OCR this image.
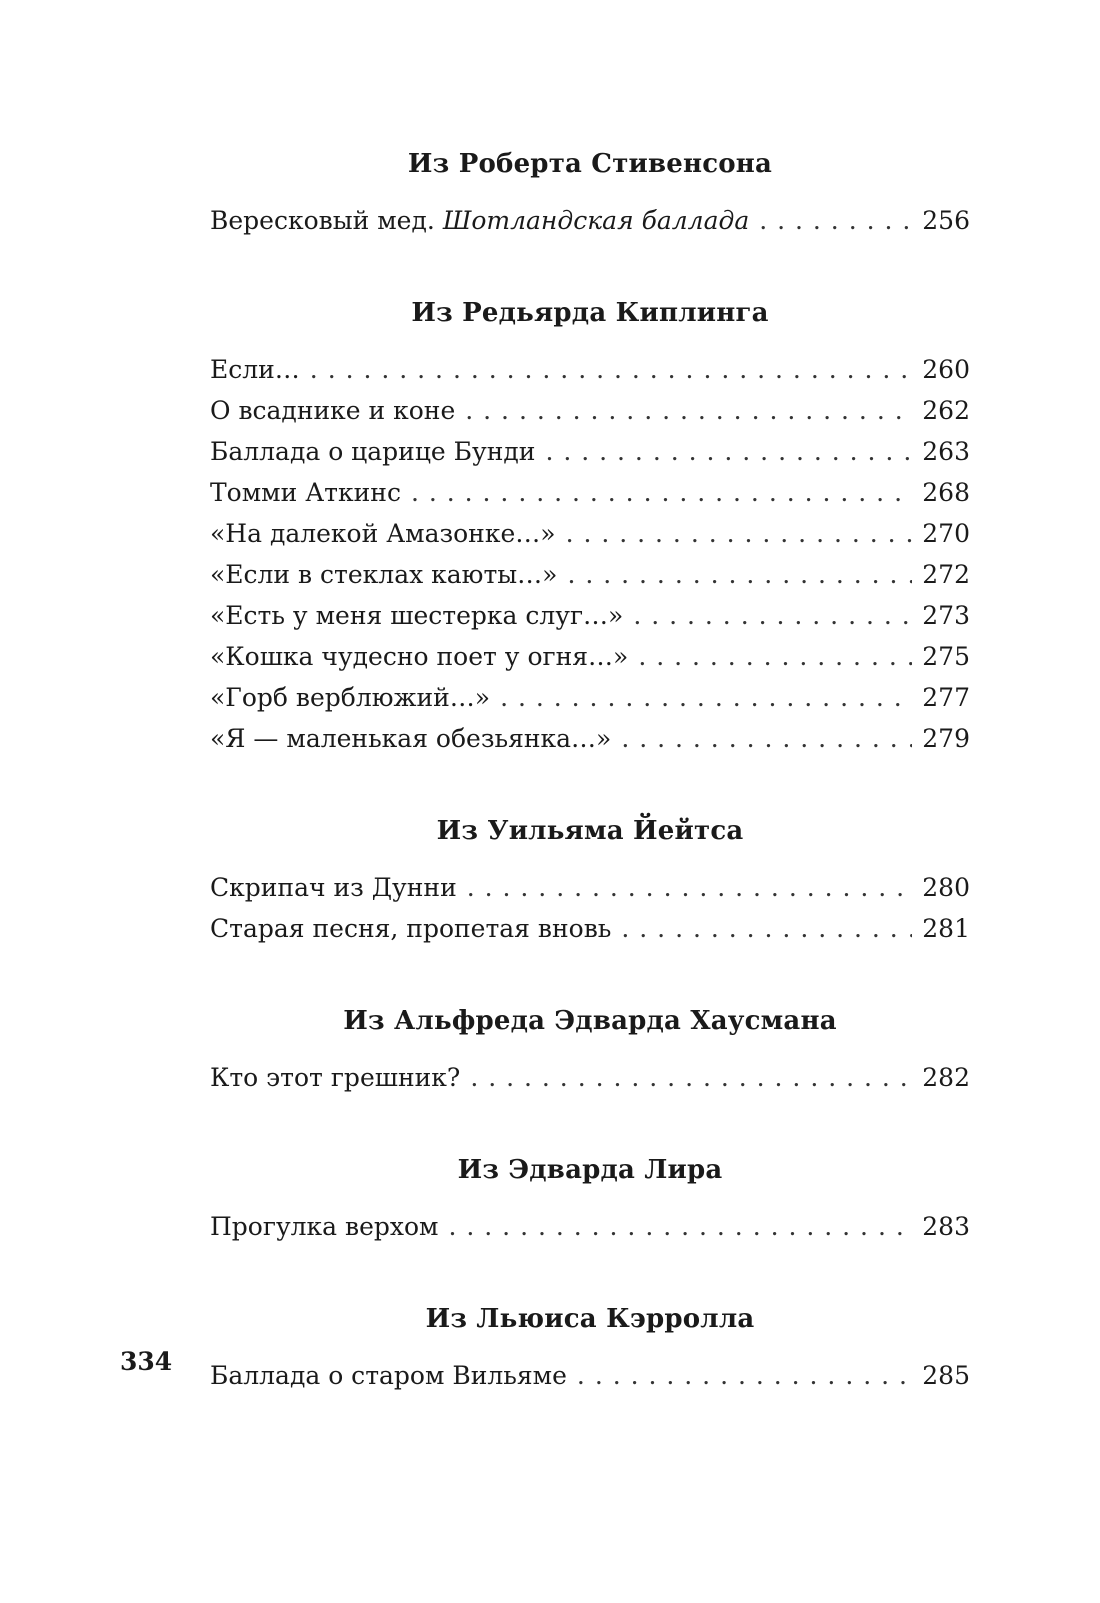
Из Роберта Стивенсона
Вересковый мед. Шотландская баллада . . .	256
Из Редьярда Киплинга
Если… . . .	260
О всаднике и коне . . .	262
Баллада о царице Бунди . . .	263
Томми Аткинс . . .	268
«На далекой Амазонке…» . . .	270
«Если в стеклах каюты…» . . .	272
«Есть у меня шестерка слуг…» . . .	273
«Кошка чудесно поет у огня…» . . .	275
«Горб верблюжий…» . . .	277
«Я — маленькая обезьянка…» . . .	279
Из Уильяма Йейтса
Скрипач из Дунни . . .	280
Старая песня, пропетая вновь . . .	281
Из Альфреда Эдварда Хаусмана
Кто этот грешник? . . .	282
Из Эдварда Лира
Прогулка верхом . . .	283
Из Льюиса Кэрролла
Баллада о старом Вильяме . . .	285
334
